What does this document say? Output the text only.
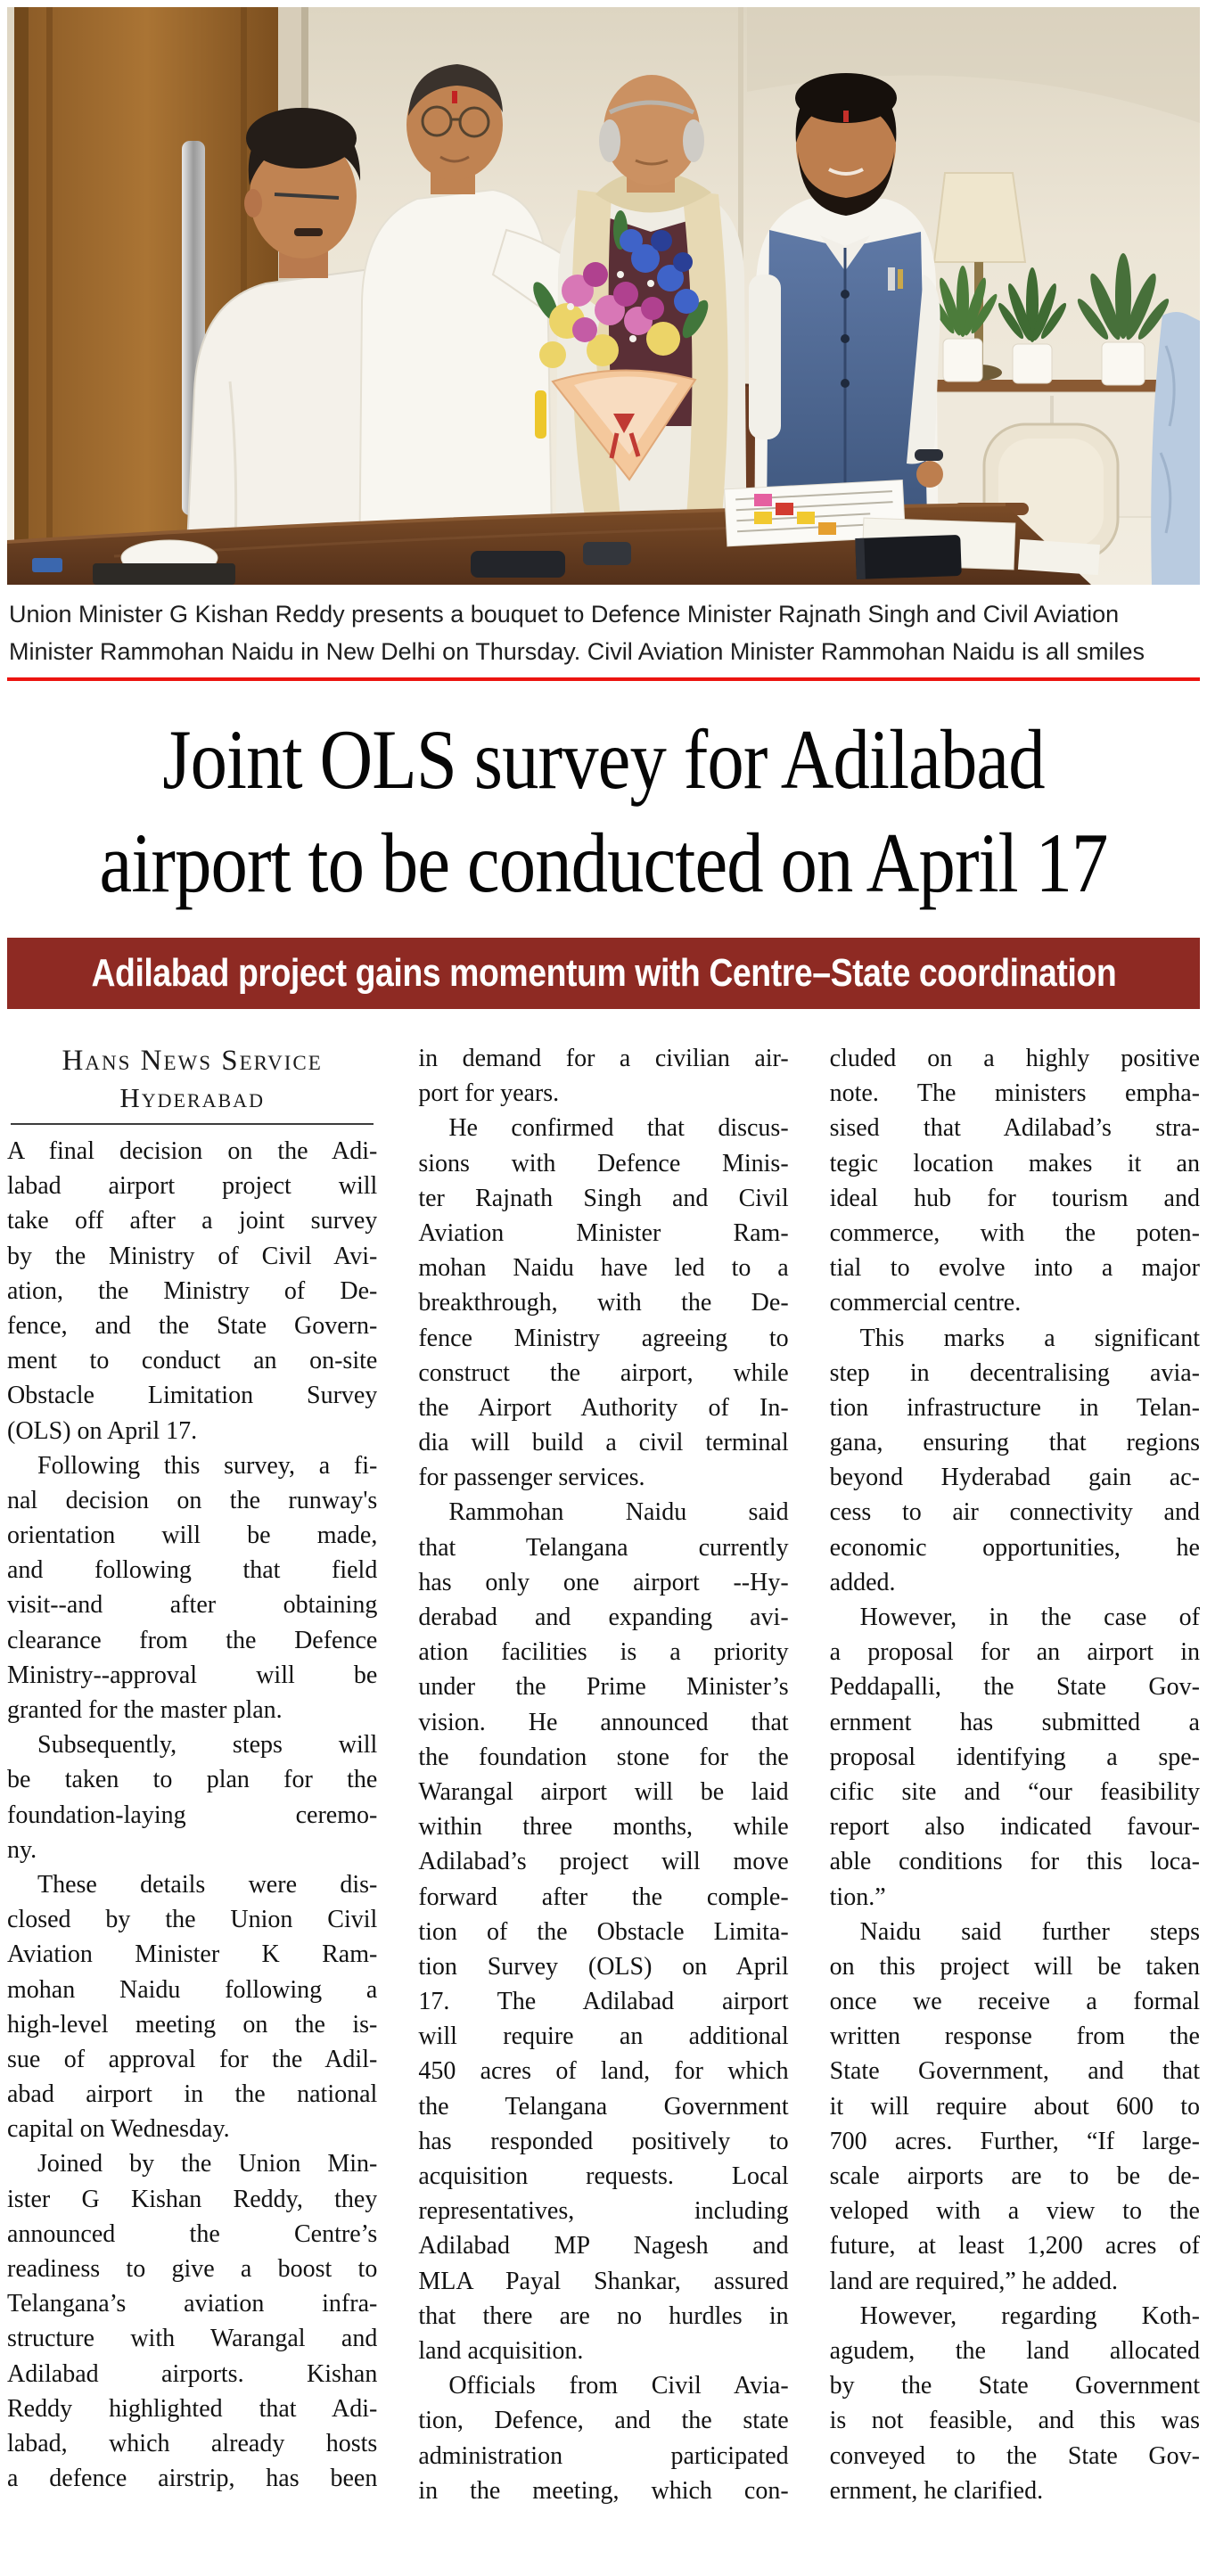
Union Minister G Kishan Reddy presents a bouquet to Defence Minister Rajnath Singh and Civil Aviation Minister Rammohan Naidu in New Delhi on Thursday. Civil Aviation Minister Rammohan Naidu is all smiles

Joint OLS survey for Adilabad
airport to be conducted on April 17
Adilabad project gains momentum with Centre–State coordination
Hans News Service
Hyderabad
A final decision on the Adi-
labad airport project will
take off after a joint survey
by the Ministry of Civil Avi-
ation, the Ministry of De-
fence, and the State Govern-
ment to conduct an on-site
Obstacle Limitation Survey
(OLS) on April 17.
Following this survey, a fi-
nal decision on the runway's
orientation will be made,
and following that field
visit--and after obtaining
clearance from the Defence
Ministry--approval will be
granted for the master plan.
Subsequently, steps will
be taken to plan for the
foundation-laying ceremo-
ny.
These details were dis-
closed by the Union Civil
Aviation Minister K Ram-
mohan Naidu following a
high-level meeting on the is-
sue of approval for the Adil-
abad airport in the national
capital on Wednesday.
Joined by the Union Min-
ister G Kishan Reddy, they
announced the Centre’s
readiness to give a boost to
Telangana’s aviation infra-
structure with Warangal and
Adilabad airports. Kishan
Reddy highlighted that Adi-
labad, which already hosts
a defence airstrip, has been
in demand for a civilian air-
port for years.
He confirmed that discus-
sions with Defence Minis-
ter Rajnath Singh and Civil
Aviation Minister Ram-
mohan Naidu have led to a
breakthrough, with the De-
fence Ministry agreeing to
construct the airport, while
the Airport Authority of In-
dia will build a civil terminal
for passenger services.
Rammohan Naidu said
that Telangana currently
has only one airport --Hy-
derabad and expanding avi-
ation facilities is a priority
under the Prime Minister’s
vision. He announced that
the foundation stone for the
Warangal airport will be laid
within three months, while
Adilabad’s project will move
forward after the comple-
tion of the Obstacle Limita-
tion Survey (OLS) on April
17. The Adilabad airport
will require an additional
450 acres of land, for which
the Telangana Government
has responded positively to
acquisition requests. Local
representatives, including
Adilabad MP Nagesh and
MLA Payal Shankar, assured
that there are no hurdles in
land acquisition.
Officials from Civil Avia-
tion, Defence, and the state
administration participated
in the meeting, which con-
cluded on a highly positive
note. The ministers empha-
sised that Adilabad’s stra-
tegic location makes it an
ideal hub for tourism and
commerce, with the poten-
tial to evolve into a major
commercial centre.
This marks a significant
step in decentralising avia-
tion infrastructure in Telan-
gana, ensuring that regions
beyond Hyderabad gain ac-
cess to air connectivity and
economic opportunities, he
added.
However, in the case of
a proposal for an airport in
Peddapalli, the State Gov-
ernment has submitted a
proposal identifying a spe-
cific site and “our feasibility
report also indicated favour-
able conditions for this loca-
tion.”
Naidu said further steps
on this project will be taken
once we receive a formal
written response from the
State Government, and that
it will require about 600 to
700 acres. Further, “If large-
scale airports are to be de-
veloped with a view to the
future, at least 1,200 acres of
land are required,” he added.
However, regarding Koth-
agudem, the land allocated
by the State Government
is not feasible, and this was
conveyed to the State Gov-
ernment, he clarified.
